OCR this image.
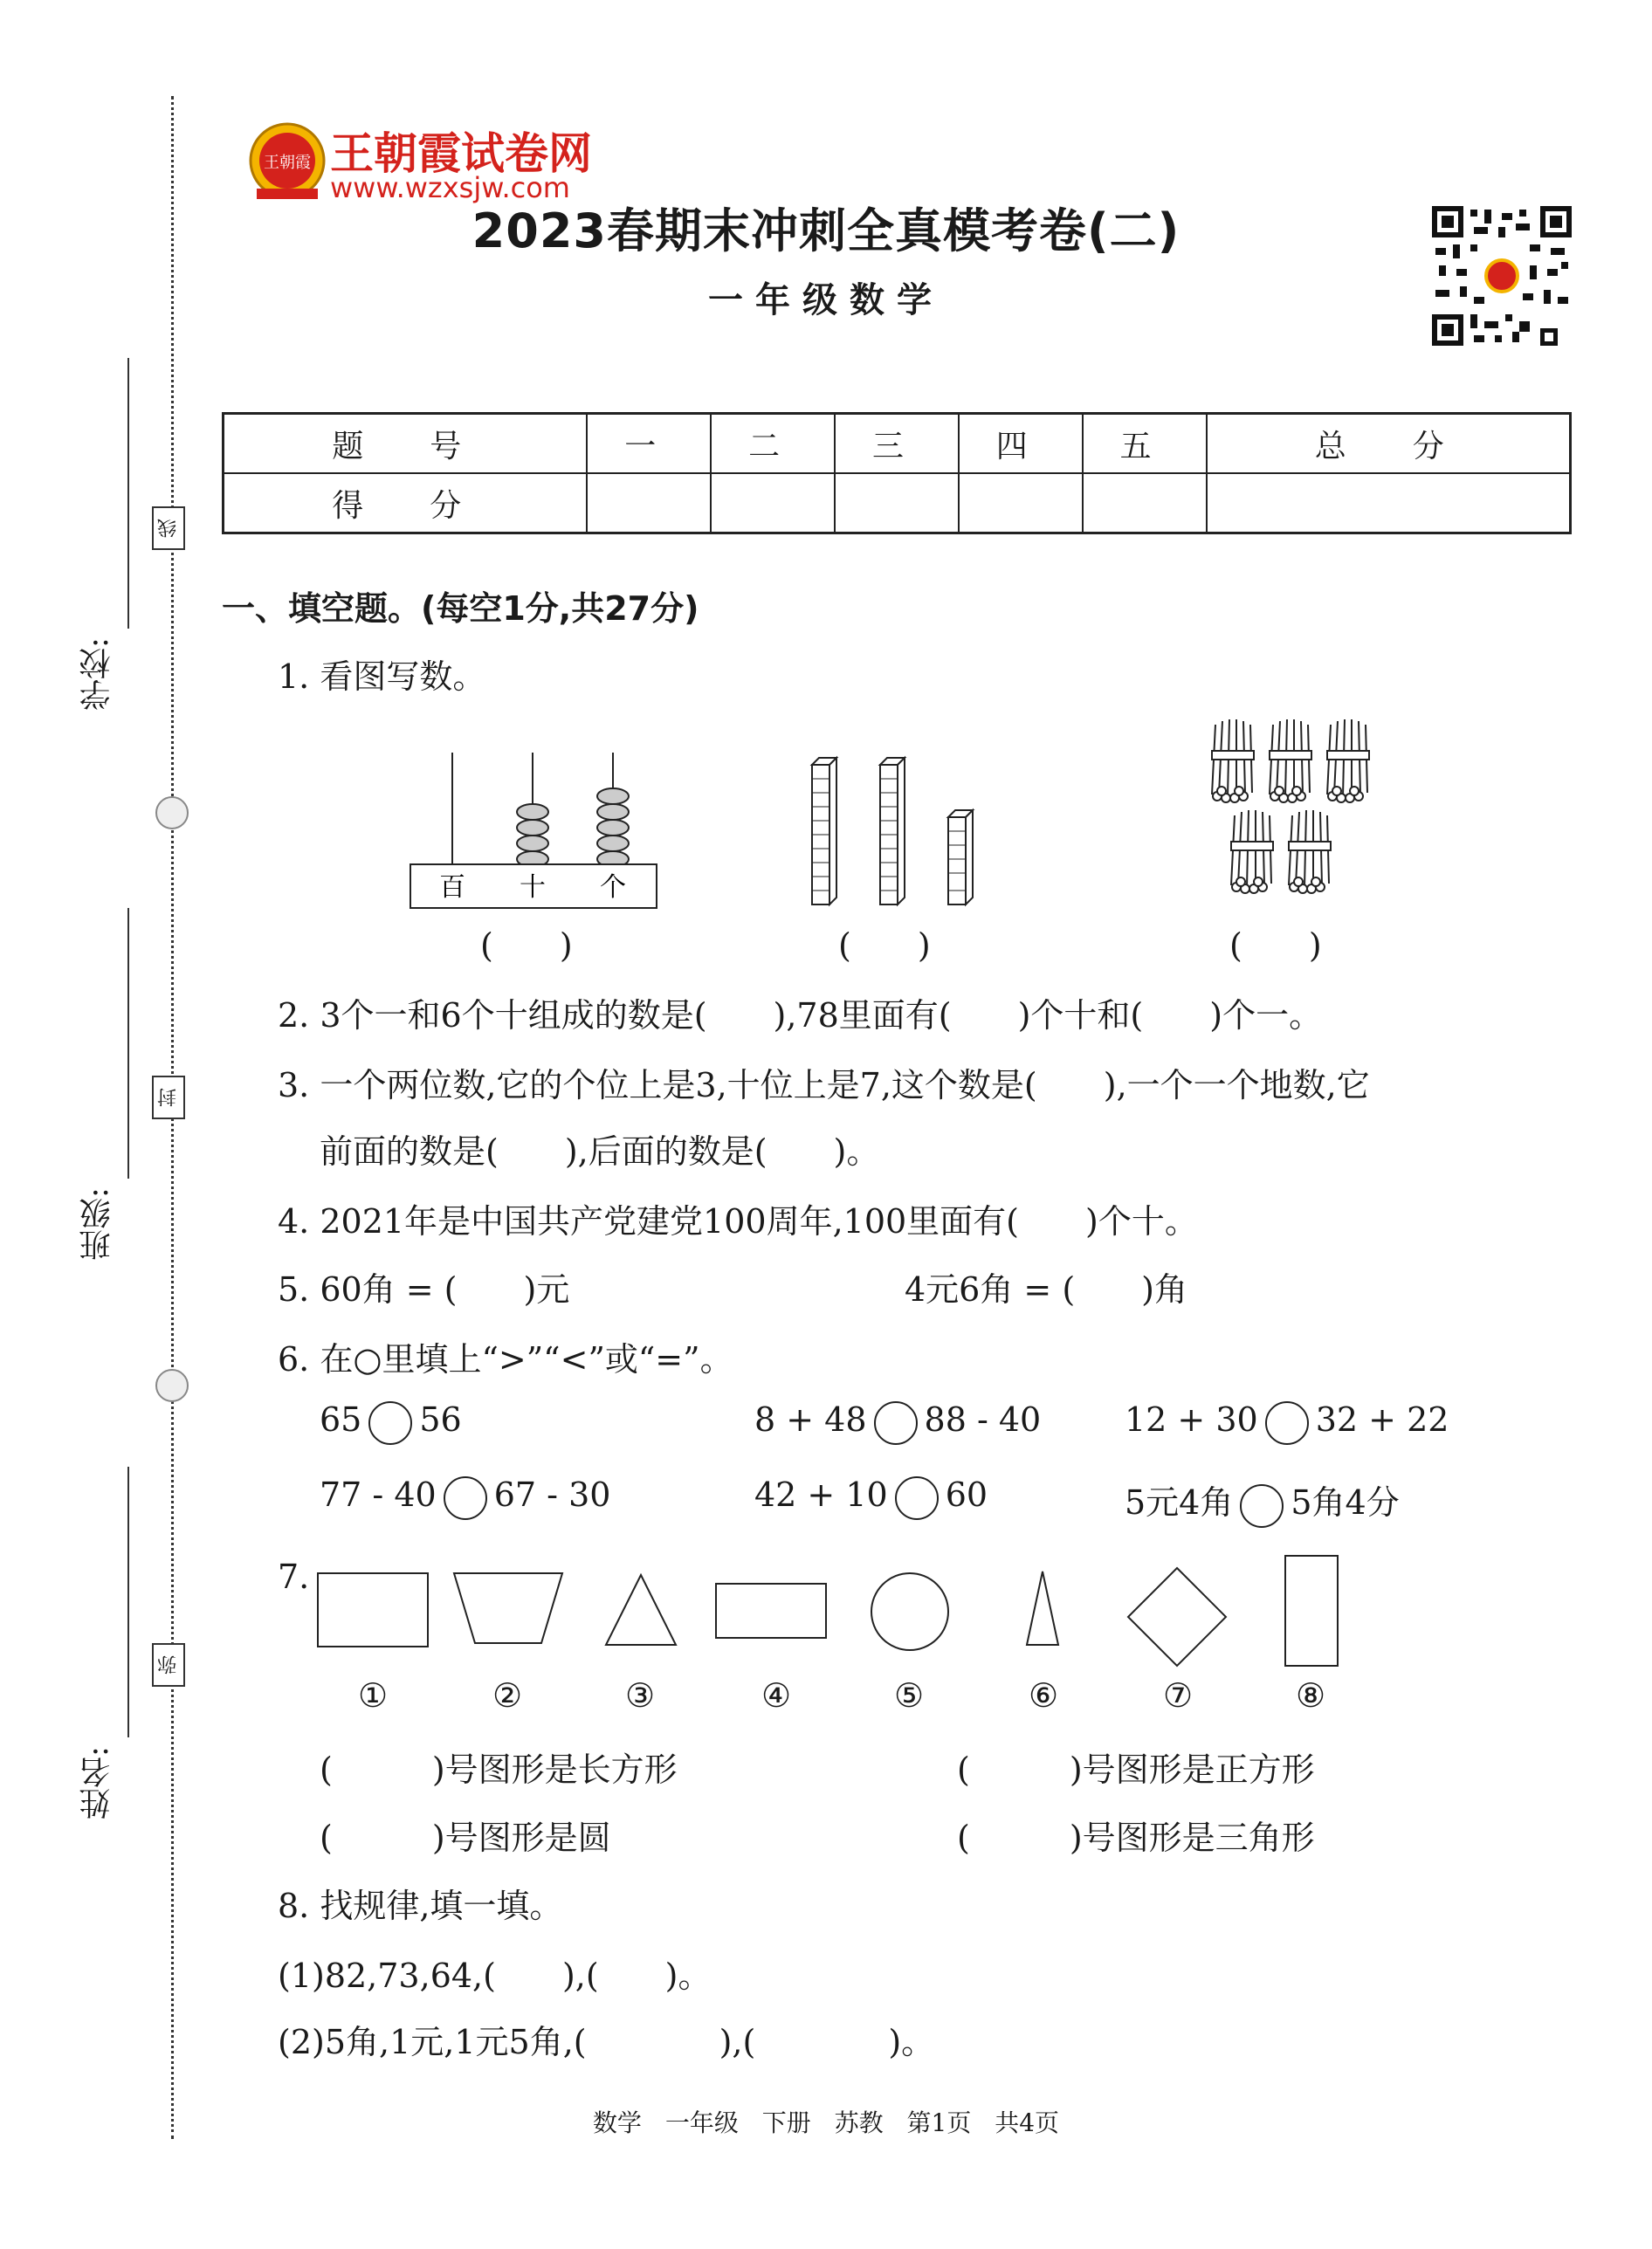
学校:
线
班级:
封
姓名:
弥
王朝霞 王朝霞试卷网
www.wzxsjw.com
2023春期末冲刺全真模考卷(二)
一年级数学
题　号	一	二	三	四	五	总　分
得　分						
一、填空题。(每空1分,共27分)
1. 看图写数。
百 十 个
(　　)	(　　)	(　　)
2. 3个一和6个十组成的数是(　　),78里面有(　　)个十和(　　)个一。
3. 一个两位数,它的个位上是3,十位上是7,这个数是(　　),一个一个地数,它
前面的数是(　　),后面的数是(　　)。
4. 2021年是中国共产党建党100周年,100里面有(　　)个十。
5. 60角 = (　　)元	4元6角 = (　　)角
6. 在○里填上“>”“<”或“=”。
65 56	8 + 48 88 - 40	12 + 30 32 + 22
77 - 40 67 - 30	42 + 10 60	5元4角 5角4分
7.
①	②	③	④	⑤	⑥	⑦	⑧
(　　　)号图形是长方形	(　　　)号图形是正方形
(　　　)号图形是圆	(　　　)号图形是三角形
8. 找规律,填一填。
(1)82,73,64,(　　),(　　)。
(2)5角,1元,1元5角,(　　　　),(　　　　)。
数学 一年级 下册 苏教 第1页 共4页
